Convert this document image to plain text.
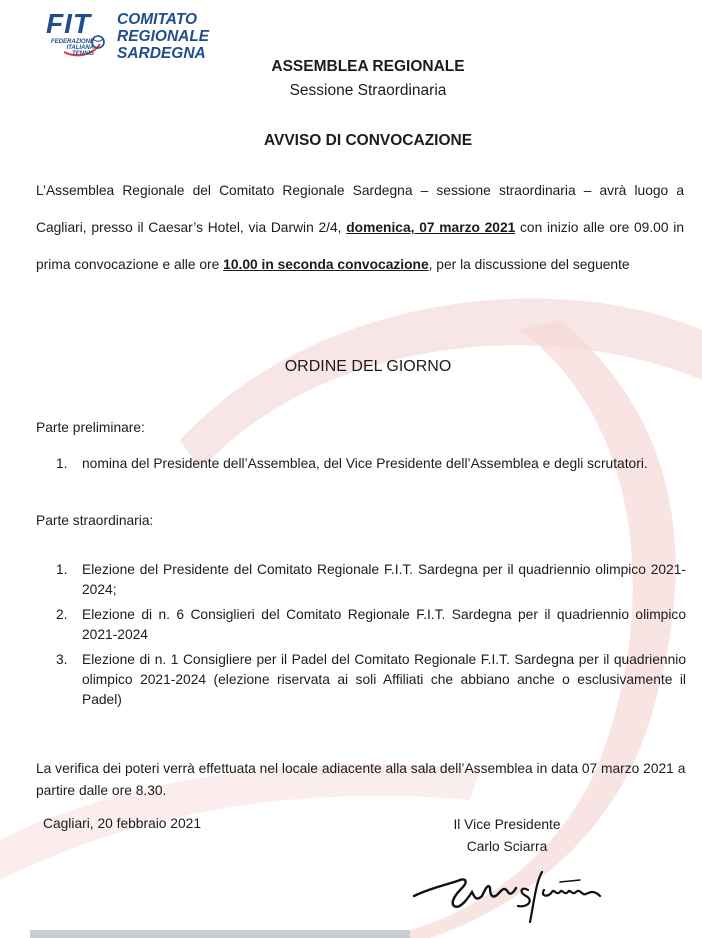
FIT
FEDERAZIONE
ITALIANA
TENNIS
COMITATO REGIONALE
SARDEGNA
ASSEMBLEA REGIONALE
Sessione Straordinaria
AVVISO DI CONVOCAZIONE
L’Assemblea Regionale del Comitato Regionale Sardegna – sessione straordinaria – avrà luogo a Cagliari, presso il Caesar’s Hotel, via Darwin 2/4, domenica, 07 marzo 2021 con inizio alle ore 09.00 in prima convocazione e alle ore 10.00 in seconda convocazione, per la discussione del seguente
ORDINE DEL GIORNO
Parte preliminare:
1. nomina del Presidente dell’Assemblea, del Vice Presidente dell’Assemblea e degli scrutatori.
Parte straordinaria:
1. Elezione del Presidente del Comitato Regionale F.I.T. Sardegna per il quadriennio olimpico 2021-2024;
2. Elezione di n. 6 Consiglieri del Comitato Regionale F.I.T. Sardegna per il quadriennio olimpico 2021-2024
3. Elezione di n. 1 Consigliere per il Padel del Comitato Regionale F.I.T. Sardegna per il quadriennio olimpico 2021-2024 (elezione riservata ai soli Affiliati che abbiano anche o esclusivamente il Padel)
La verifica dei poteri verrà effettuata nel locale adiacente alla sala dell’Assemblea in data 07 marzo 2021 a partire dalle ore 8.30.
Cagliari, 20 febbraio 2021	Il Vice Presidente
Carlo Sciarra
